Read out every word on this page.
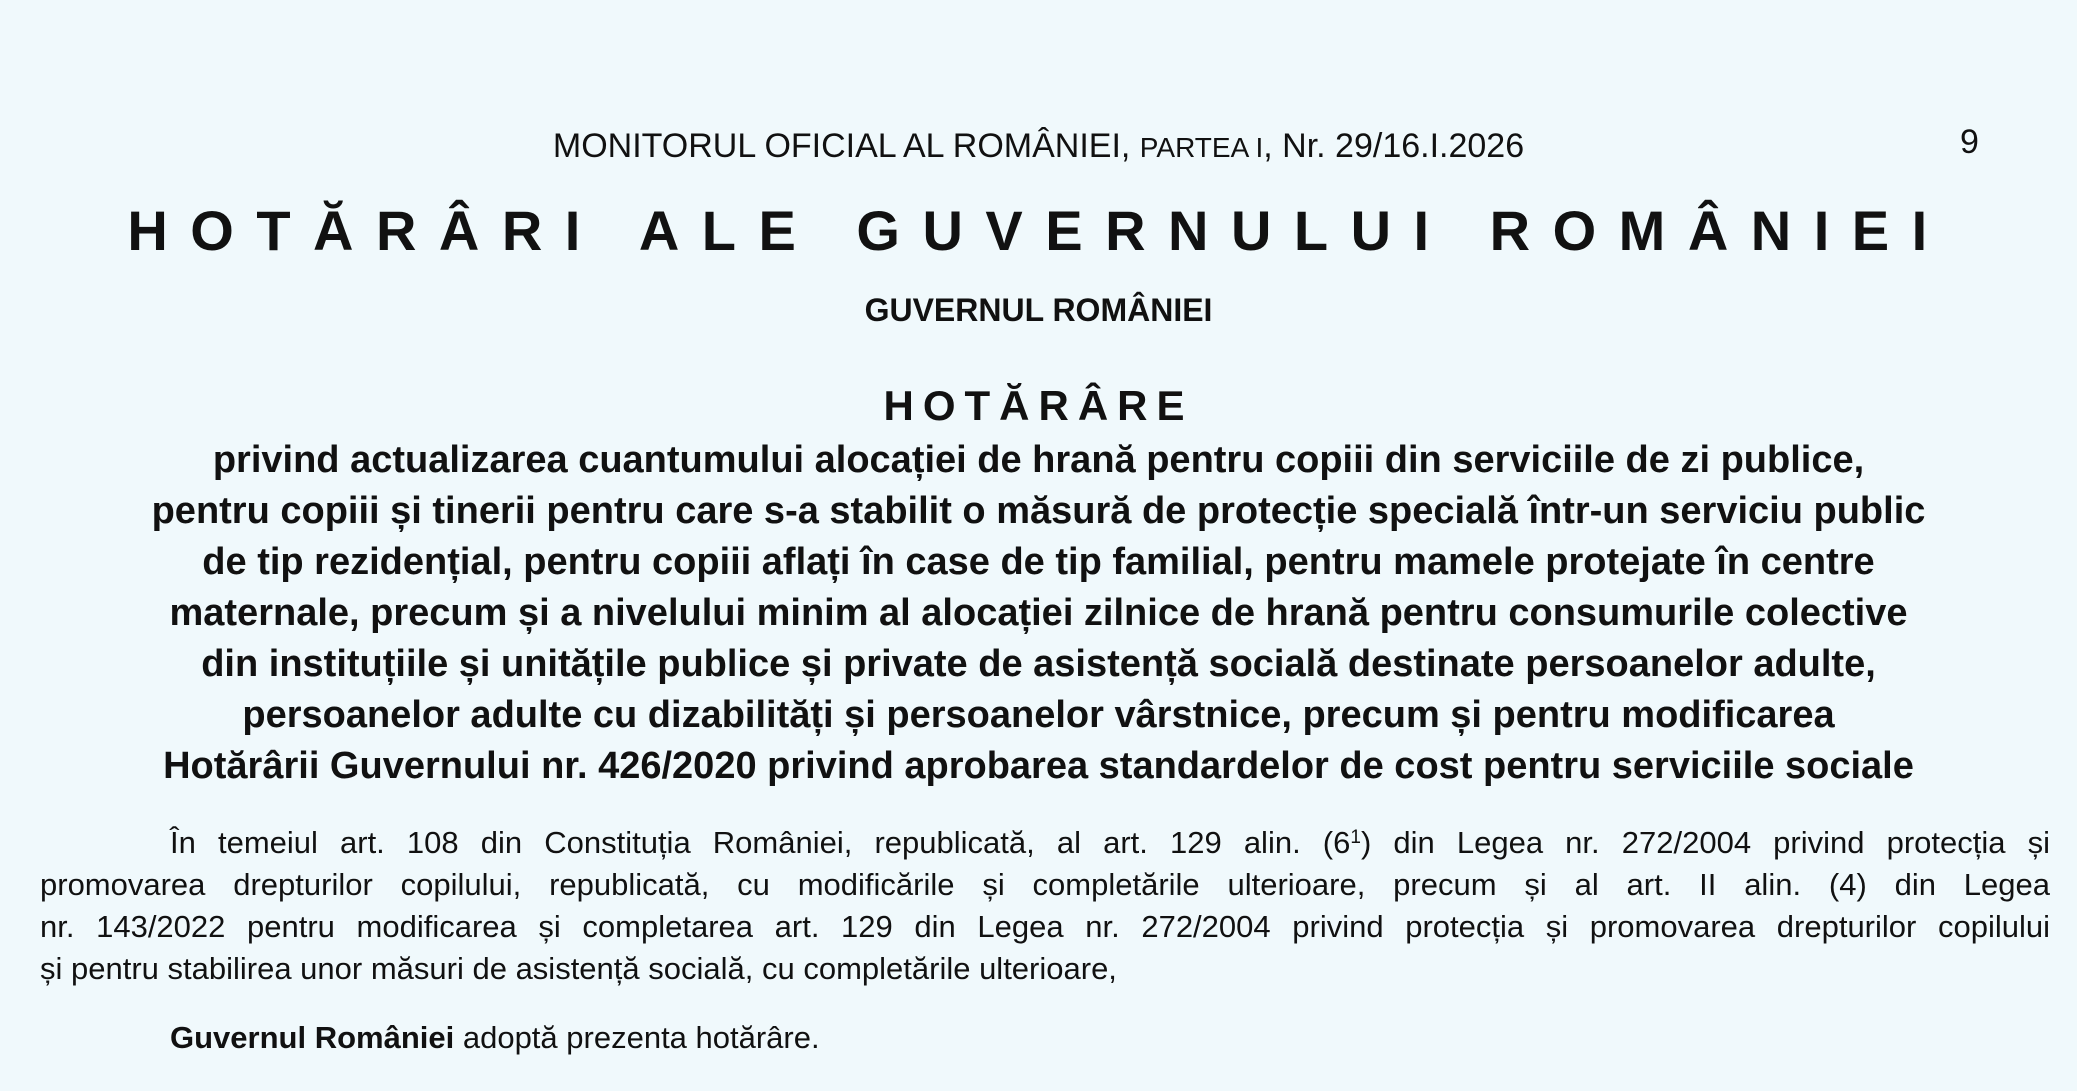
MONITORUL OFICIAL AL ROMÂNIEI, PARTEA I, Nr. 29/16.I.2026	9
HOTĂRÂRI ALE GUVERNULUI ROMÂNIEI
GUVERNUL ROMÂNIEI
HOTĂRÂRE
privind actualizarea cuantumului alocației de hrană pentru copiii din serviciile de zi publice,
pentru copiii și tinerii pentru care s-a stabilit o măsură de protecție specială într-un serviciu public
de tip rezidențial, pentru copiii aflați în case de tip familial, pentru mamele protejate în centre
maternale, precum și a nivelului minim al alocației zilnice de hrană pentru consumurile colective
din instituțiile și unitățile publice și private de asistență socială destinate persoanelor adulte,
persoanelor adulte cu dizabilități și persoanelor vârstnice, precum și pentru modificarea
Hotărârii Guvernului nr. 426/2020 privind aprobarea standardelor de cost pentru serviciile sociale
În temeiul art. 108 din Constituția României, republicată, al art. 129 alin. $(6^1)$ din Legea nr. 272/2004 privind protecția și
promovarea drepturilor copilului, republicată, cu modificările și completările ulterioare, precum și al art. II alin. (4) din Legea
nr. 143/2022 pentru modificarea și completarea art. 129 din Legea nr. 272/2004 privind protecția și promovarea drepturilor copilului
și pentru stabilirea unor măsuri de asistență socială, cu completările ulterioare,
Guvernul României adoptă prezenta hotărâre.
